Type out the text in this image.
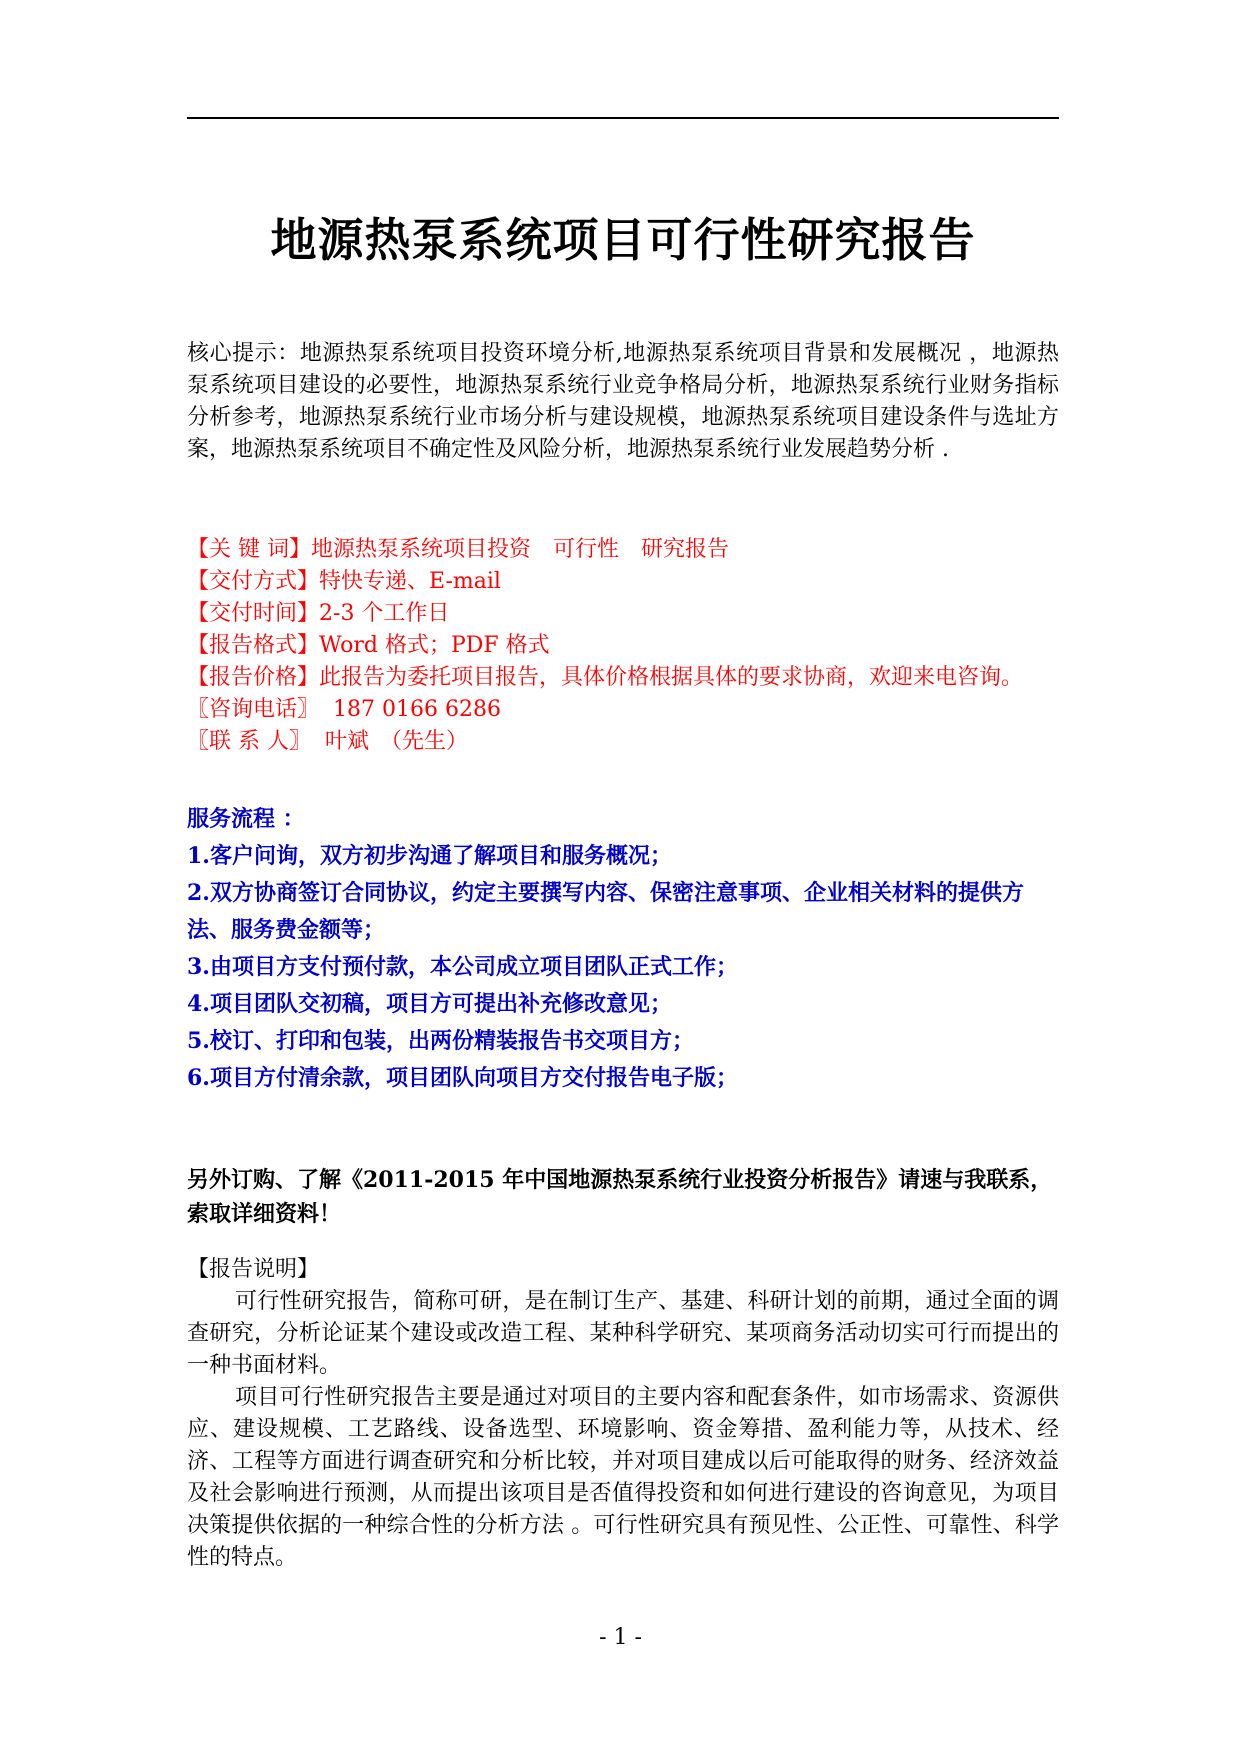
地源热泵系统项目可行性研究报告
核心提示：地源热泵系统项目投资环境分析,地源热泵系统项目背景和发展概况 ，地源热泵系统项目建设的必要性，地源热泵系统行业竞争格局分析，地源热泵系统行业财务指标分析参考，地源热泵系统行业市场分析与建设规模，地源热泵系统项目建设条件与选址方案，地源热泵系统项目不确定性及风险分析，地源热泵系统行业发展趋势分析 .
【关 键 词】地源热泵系统项目投资　可行性　研究报告
【交付方式】特快专递、E-mail
【交付时间】2-3 个工作日
【报告格式】Word 格式；PDF 格式
【报告价格】此报告为委托项目报告，具体价格根据具体的要求协商，欢迎来电咨询。
〖咨询电话〗 187 0166 6286
〖联 系 人〗 叶斌　（先生）
服务流程 ：
1.客户问询，双方初步沟通了解项目和服务概况；
2.双方协商签订合同协议，约定主要撰写内容、保密注意事项、企业相关材料的提供方法、服务费金额等；
3.由项目方支付预付款，本公司成立项目团队正式工作；
4.项目团队交初稿，项目方可提出补充修改意见；
5.校订、打印和包装，出两份精装报告书交项目方；
6.项目方付清余款，项目团队向项目方交付报告电子版；
另外订购、了解《2011-2015 年中国地源热泵系统行业投资分析报告》请速与我联系，索取详细资料！

【报告说明】

可行性研究报告，简称可研，是在制订生产、基建、科研计划的前期，通过全面的调查研究，分析论证某个建设或改造工程、某种科学研究、某项商务活动切实可行而提出的一种书面材料。

项目可行性研究报告主要是通过对项目的主要内容和配套条件，如市场需求、资源供应、建设规模、工艺路线、设备选型、环境影响、资金筹措、盈利能力等，从技术、经济、工程等方面进行调查研究和分析比较，并对项目建成以后可能取得的财务、经济效益及社会影响进行预测，从而提出该项目是否值得投资和如何进行建设的咨询意见，为项目决策提供依据的一种综合性的分析方法 。可行性研究具有预见性、公正性、可靠性、科学性的特点。

- 1 -
